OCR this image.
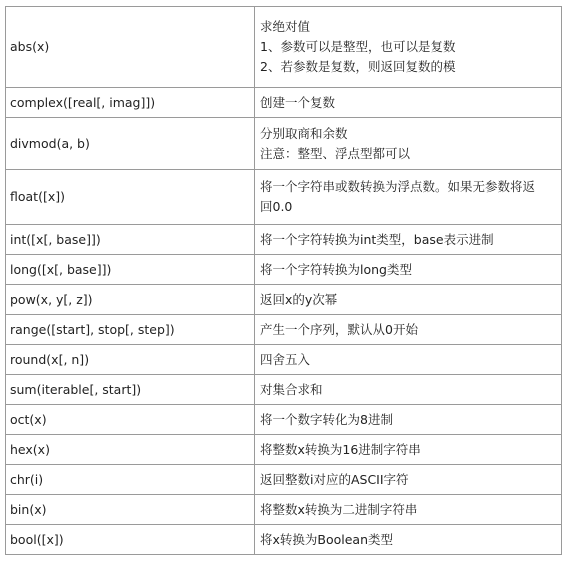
abs(x)	求绝对值
1、参数可以是整型，也可以是复数
2、若参数是复数，则返回复数的模

complex([real[, imag]])	创建一个复数

divmod(a, b)	分别取商和余数
注意：整型、浮点型都可以

float([x])	将一个字符串或数转换为浮点数。如果无参数将返
回0.0

int([x[, base]])	将一个字符转换为int类型，base表示进制

long([x[, base]])	将一个字符转换为long类型

pow(x, y[, z])	返回x的y次幂

range([start], stop[, step])	产生一个序列，默认从0开始

round(x[, n])	四舍五入

sum(iterable[, start])	对集合求和

oct(x)	将一个数字转化为8进制

hex(x)	将整数x转换为16进制字符串

chr(i)	返回整数i对应的ASCII字符

bin(x)	将整数x转换为二进制字符串

bool([x])	将x转换为Boolean类型
